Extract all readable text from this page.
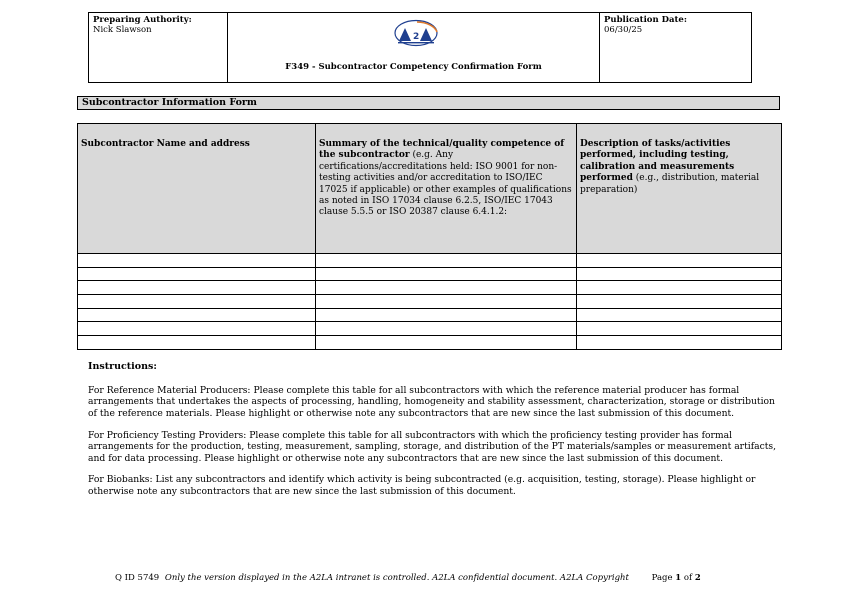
Preparing Authority:
Nick Slawson
2
F349 - Subcontractor Competency Confirmation Form
Publication Date:
06/30/25
Subcontractor Information Form
Subcontractor Name and address	Summary of the technical/quality competence of the subcontractor (e.g. Any certifications/accreditations held: ISO 9001 for non-testing activities and/or accreditation to ISO/IEC 17025 if applicable) or other examples of qualifications as noted in ISO 17034 clause 6.2.5, ISO/IEC 17043 clause 5.5.5 or ISO 20387 clause 6.4.1.2:	Description of tasks/activities performed, including testing, calibration and measurements performed (e.g., distribution, material preparation)

Instructions:

For Reference Material Producers: Please complete this table for all subcontractors with which the reference material producer has formal arrangements that undertakes the aspects of processing, handling, homogeneity and stability assessment, characterization, storage or distribution of the reference materials. Please highlight or otherwise note any subcontractors that are new since the last submission of this document.

For Proficiency Testing Providers: Please complete this table for all subcontractors with which the proficiency testing provider has formal arrangements for the production, testing, measurement, sampling, storage, and distribution of the PT materials/samples or measurement artifacts, and for data processing. Please highlight or otherwise note any subcontractors that are new since the last submission of this document.

For Biobanks: List any subcontractors and identify which activity is being subcontracted (e.g. acquisition, testing, storage). Please highlight or otherwise note any subcontractors that are new since the last submission of this document.

Q ID 5749 Only the version displayed in the A2LA intranet is controlled. A2LA confidential document. A2LA Copyright	Page 1 of 2
